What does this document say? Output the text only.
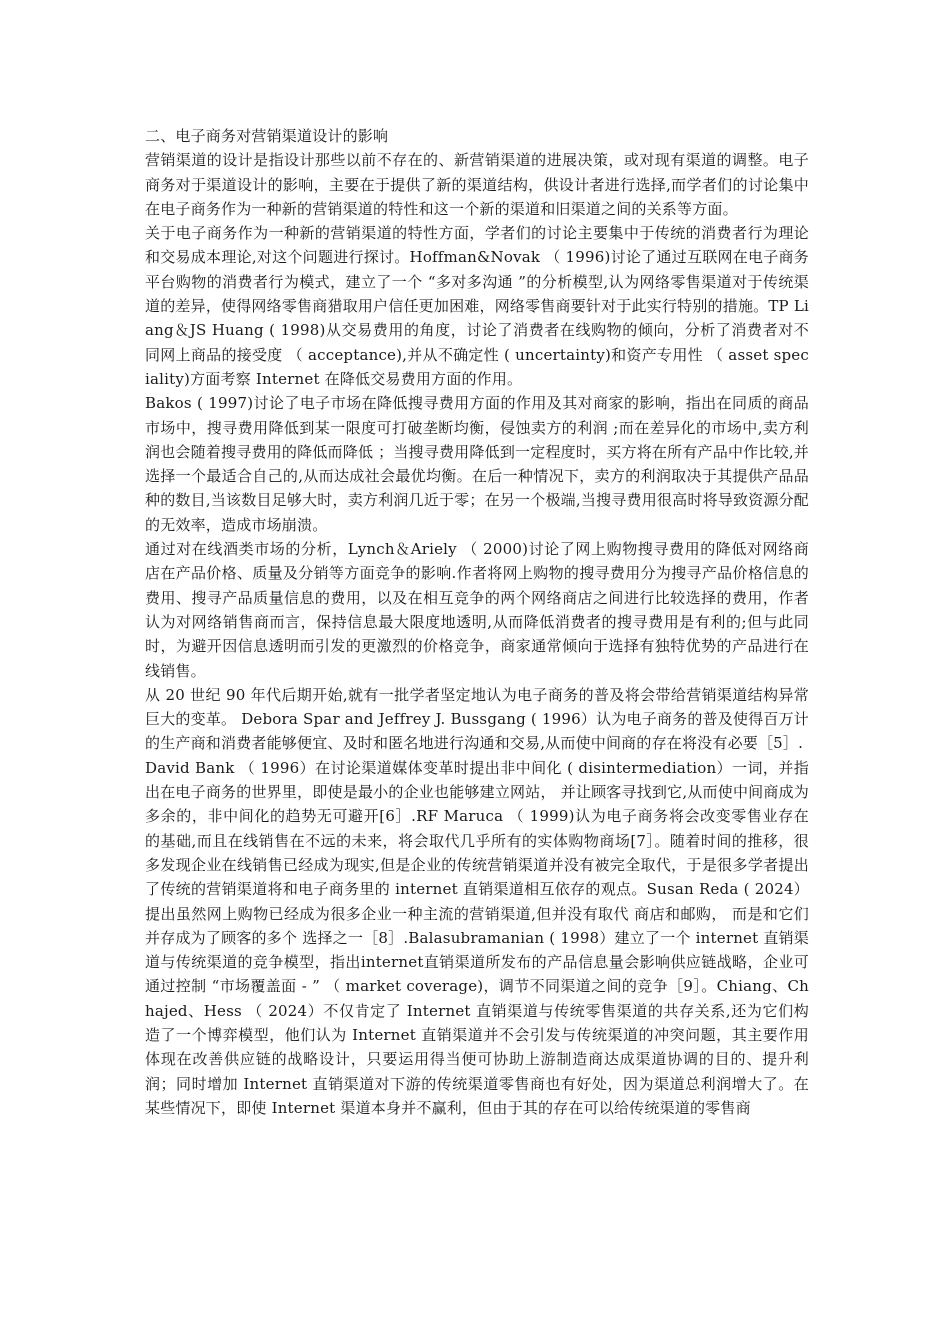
二、电子商务对营销渠道设计的影响

营销渠道的设计是指设计那些以前不存在的、新营销渠道的进展决策，或对现有渠道的调整。电子商务对于渠道设计的影响，主要在于提供了新的渠道结构，供设计者进行选择,而学者们的讨论集中在电子商务作为一种新的营销渠道的特性和这一个新的渠道和旧渠道之间的关系等方面。

关于电子商务作为一种新的营销渠道的特性方面，学者们的讨论主要集中于传统的消费者行为理论和交易成本理论,对这个问题进行探讨。Hoffman&Novak （ 1996)讨论了通过互联网在电子商务平台购物的消费者行为模式，建立了一个 “多对多沟通 ”的分析模型,认为网络零售渠道对于传统渠道的差异，使得网络零售商猎取用户信任更加困难，网络零售商要针对于此实行特别的措施。TP Liang＆JS Huang ( 1998)从交易费用的角度，讨论了消费者在线购物的倾向，分析了消费者对不同网上商品的接受度 （ acceptance),并从不确定性 ( uncertainty)和资产专用性 （ asset speciality)方面考察 Internet 在降低交易费用方面的作用。

Bakos ( 1997)讨论了电子市场在降低搜寻费用方面的作用及其对商家的影响，指出在同质的商品市场中，搜寻费用降低到某一限度可打破垄断均衡，侵蚀卖方的利润 ;而在差异化的市场中,卖方利润也会随着搜寻费用的降低而降低 ；当搜寻费用降低到一定程度时，买方将在所有产品中作比较,并选择一个最适合自己的,从而达成社会最优均衡。在后一种情况下，卖方的利润取决于其提供产品品种的数目,当该数目足够大时，卖方利润几近于零；在另一个极端,当搜寻费用很高时将导致资源分配的无效率，造成市场崩溃。

通过对在线酒类市场的分析，Lynch＆Ariely （ 2000)讨论了网上购物搜寻费用的降低对网络商店在产品价格、质量及分销等方面竞争的影响.作者将网上购物的搜寻费用分为搜寻产品价格信息的费用、搜寻产品质量信息的费用，以及在相互竞争的两个网络商店之间进行比较选择的费用，作者认为对网络销售商而言，保持信息最大限度地透明,从而降低消费者的搜寻费用是有利的;但与此同时，为避开因信息透明而引发的更激烈的价格竞争，商家通常倾向于选择有独特优势的产品进行在线销售。

从 20 世纪 90 年代后期开始,就有一批学者坚定地认为电子商务的普及将会带给营销渠道结构异常巨大的变革。 Debora Spar and Jeffrey J. Bussgang ( 1996）认为电子商务的普及使得百万计的生产商和消费者能够便宜、及时和匿名地进行沟通和交易,从而使中间商的存在将没有必要［5］.

David Bank （ 1996）在讨论渠道媒体变革时提出非中间化 ( disintermediation）一词，并指出在电子商务的世界里，即使是最小的企业也能够建立网站， 并让顾客寻找到它,从而使中间商成为多余的，非中间化的趋势无可避开[6］.RF Maruca （ 1999)认为电子商务将会改变零售业存在的基础,而且在线销售在不远的未来，将会取代几乎所有的实体购物商场[7］。随着时间的推移，很多发现企业在线销售已经成为现实,但是企业的传统营销渠道并没有被完全取代，于是很多学者提出了传统的营销渠道将和电子商务里的 internet 直销渠道相互依存的观点。Susan Reda ( 2024）提出虽然网上购物已经成为很多企业一种主流的营销渠道,但并没有取代 商店和邮购， 而是和它们并存成为了顾客的多个 选择之一［8］.Balasubramanian ( 1998）建立了一个 internet 直销渠道与传统渠道的竞争模型，指出internet直销渠道所发布的产品信息量会影响供应链战略，企业可通过控制 “市场覆盖面 - ” （ market coverage)，调节不同渠道之间的竞争［9］。Chiang、Chhajed、Hess （ 2024）不仅肯定了 Internet 直销渠道与传统零售渠道的共存关系,还为它们构造了一个博弈模型，他们认为 Internet 直销渠道并不会引发与传统渠道的冲突问题，其主要作用体现在改善供应链的战略设计，只要运用得当便可协助上游制造商达成渠道协调的目的、提升利润；同时增加 Internet 直销渠道对下游的传统渠道零售商也有好处，因为渠道总利润增大了。在某些情况下，即使 Internet 渠道本身并不赢利，但由于其的存在可以给传统渠道的零售商
